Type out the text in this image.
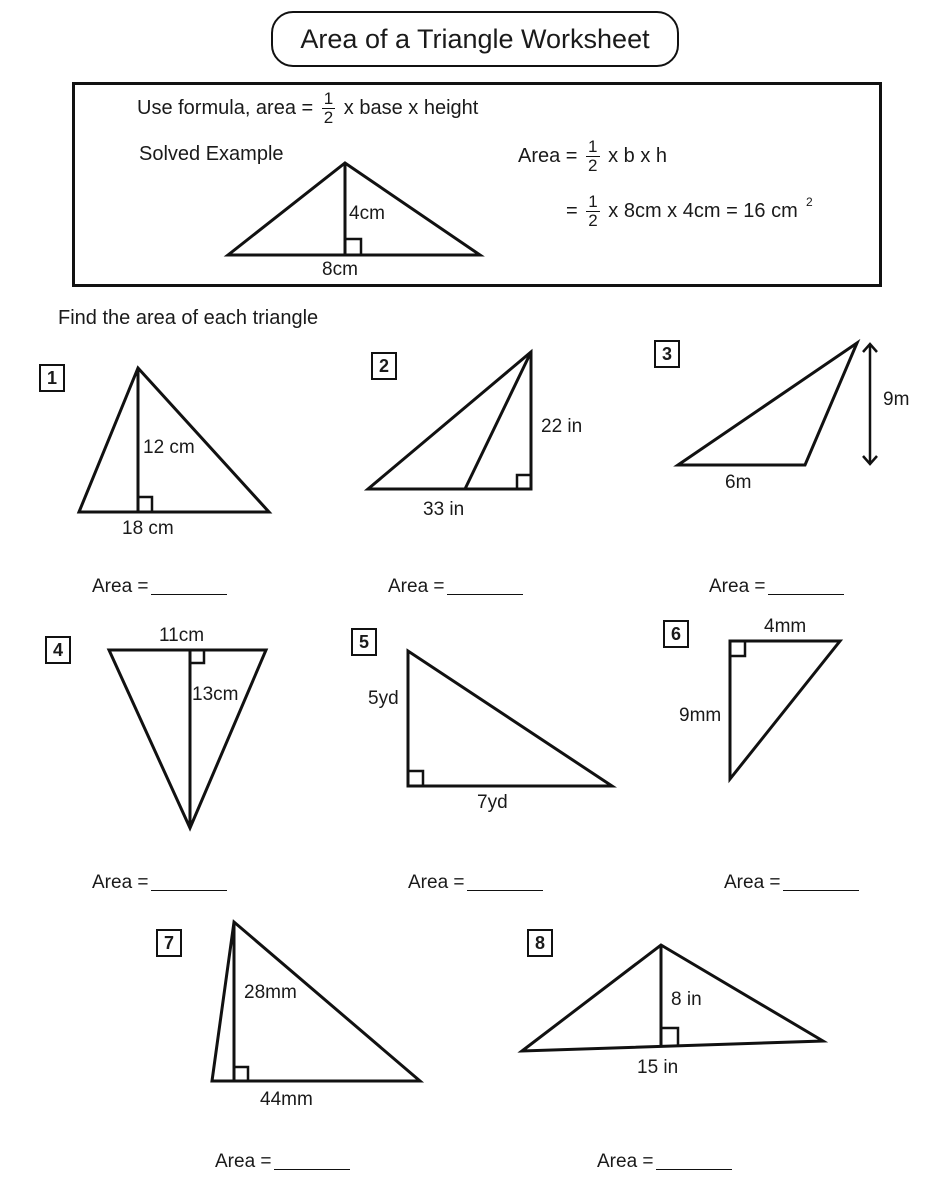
Area of a Triangle Worksheet
Use formula, area = $\frac{1}{2}$ x base x height
Solved Example	Area = $\frac{1}{2}$ x b x h
= $\frac{1}{2}$ x 8cm x 4cm = 16 cm 2
Find the area of each triangle
4cm
8cm
1
12 cm
18 cm
Area =
2
22 in
33 in
Area =
3
9m
6m
Area =
4
11cm
13cm
Area =
5
5yd
7yd
Area =
6	4mm
9mm
Area =
7
28mm
44mm
Area =
8
8 in
15 in
Area =
